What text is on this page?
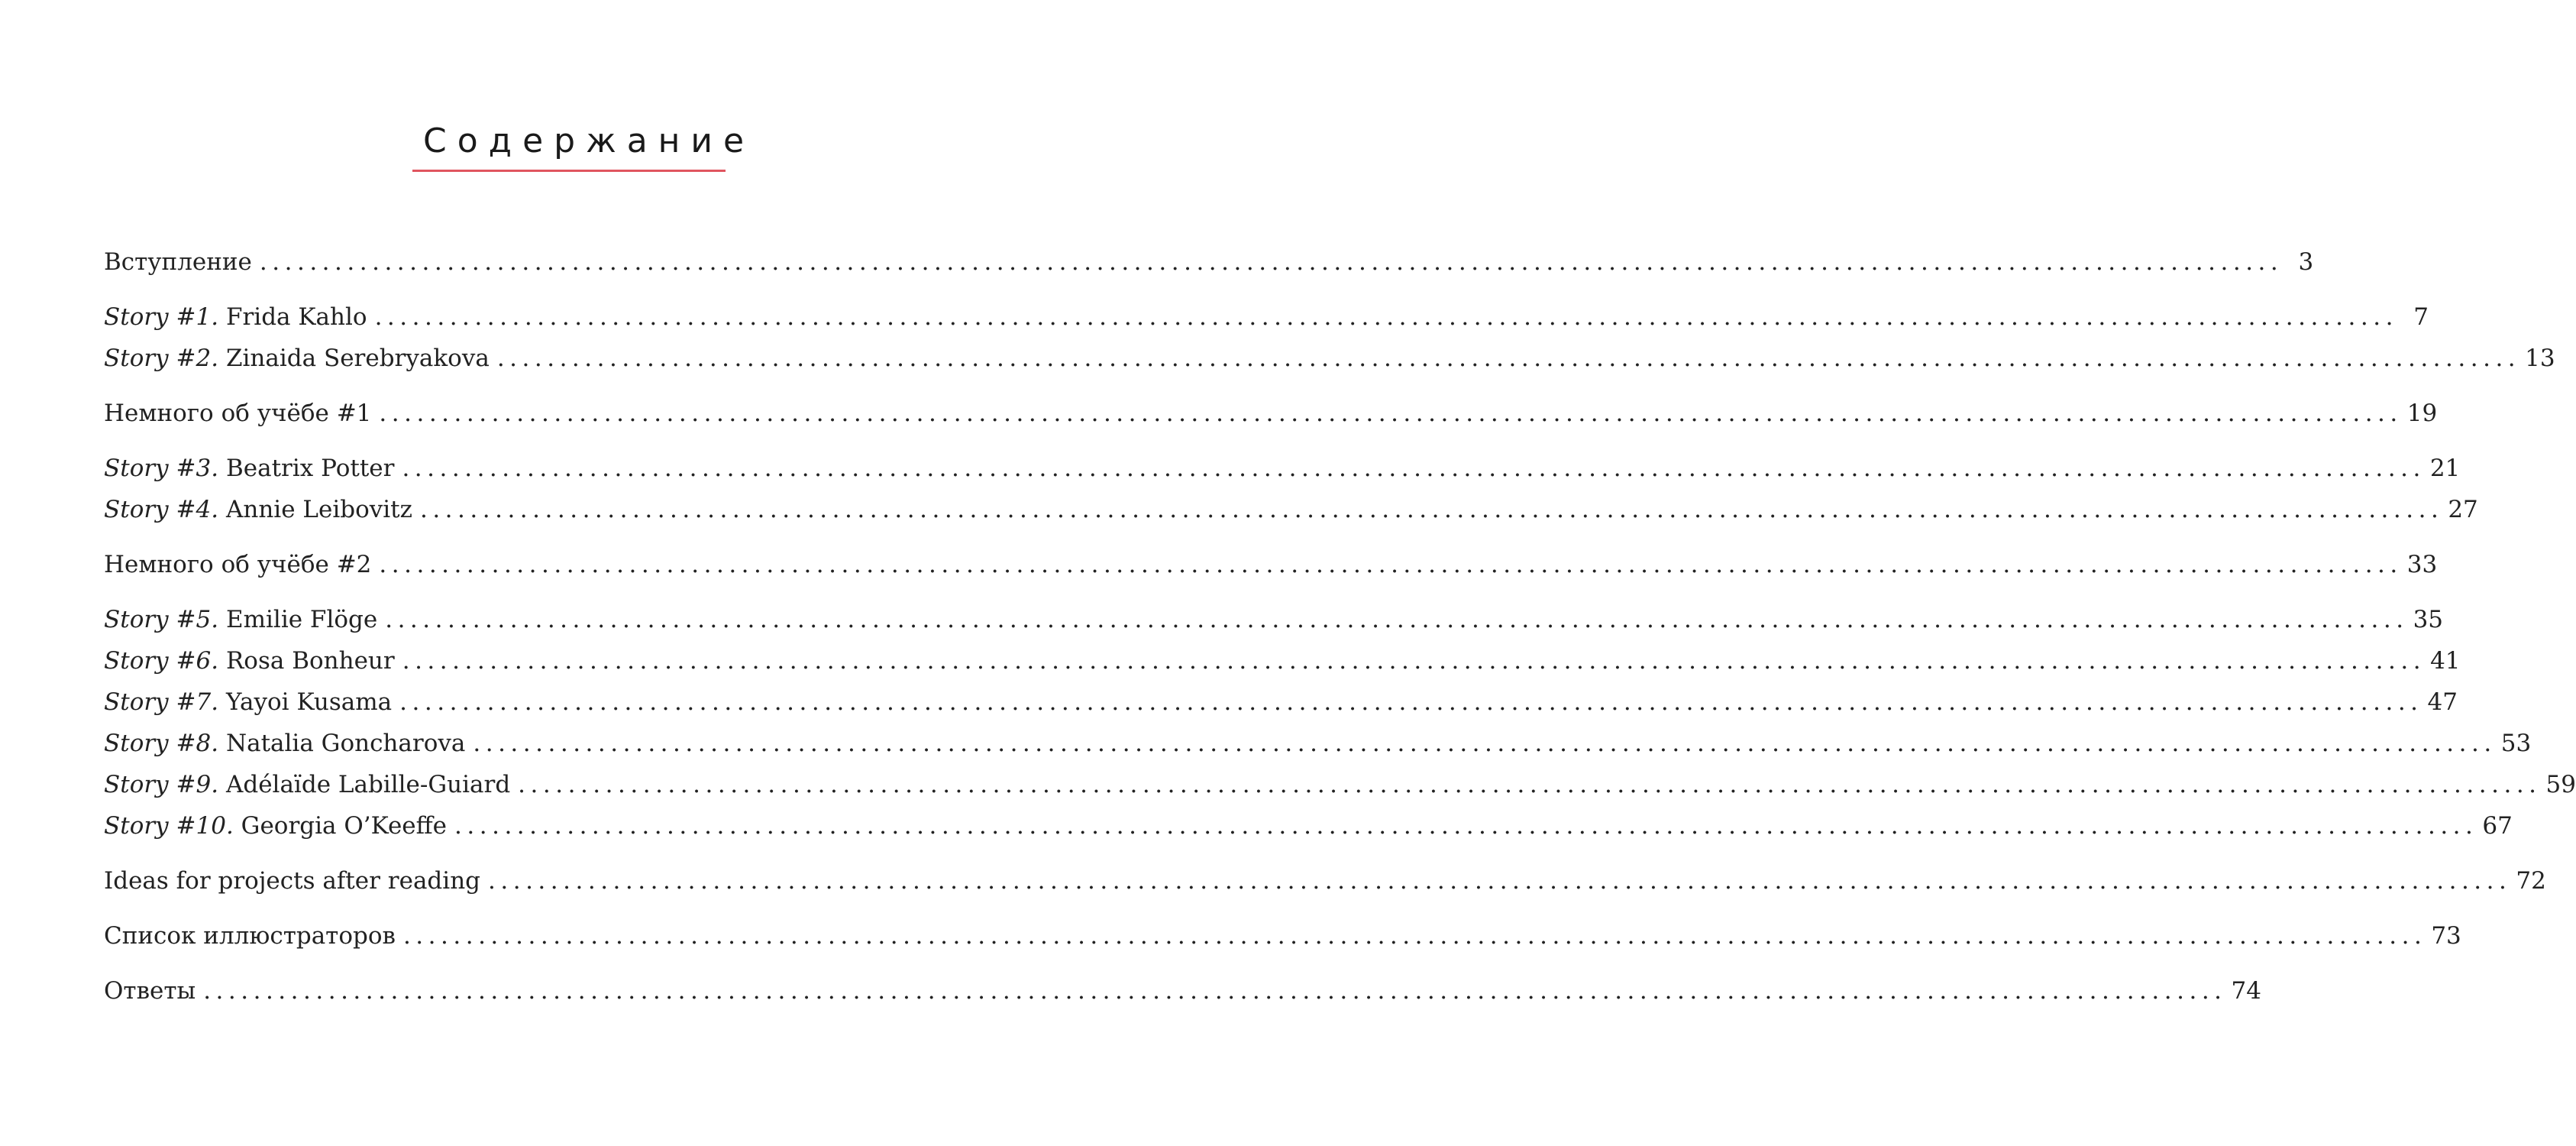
Содержание
Вступление .................................................................................................................................................................. 3
Story #1. Frida Kahlo .................................................................................................................................................................. 7
Story #2. Zinaida Serebryakova .................................................................................................................................................................. 13
Немного об учёбе #1 .................................................................................................................................................................. 19
Story #3. Beatrix Potter .................................................................................................................................................................. 21
Story #4. Annie Leibovitz .................................................................................................................................................................. 27
Немного об учёбе #2 .................................................................................................................................................................. 33
Story #5. Emilie Flöge .................................................................................................................................................................. 35
Story #6. Rosa Bonheur .................................................................................................................................................................. 41
Story #7. Yayoi Kusama .................................................................................................................................................................. 47
Story #8. Natalia Goncharova .................................................................................................................................................................. 53
Story #9. Adélaïde Labille-Guiard .................................................................................................................................................................. 59
Story #10. Georgia O’Keeffe .................................................................................................................................................................. 67
Ideas for projects after reading .................................................................................................................................................................. 72
Список иллюстраторов .................................................................................................................................................................. 73
Ответы .................................................................................................................................................................. 74
